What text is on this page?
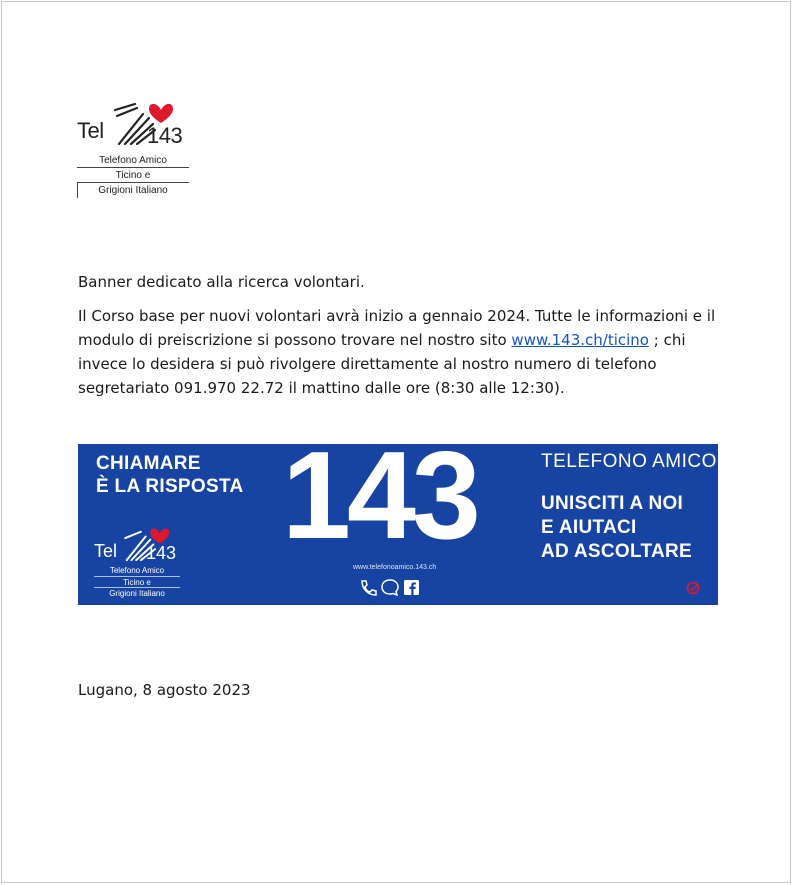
Tel 143
Telefono Amico
Ticino e
Grigioni Italiano
Banner dedicato alla ricerca volontari.
Il Corso base per nuovi volontari avrà inizio a gennaio 2024. Tutte le informazioni e il modulo di preiscrizione si possono trovare nel nostro sito www.143.ch/ticino ; chi invece lo desidera si può rivolgere direttamente al nostro numero di telefono segretariato 091.970 22.72 il mattino dalle ore (8:30 alle 12:30).
CHIAMARE
È LA RISPOSTA
Tel 143
Telefono Amico
Ticino e
Grigioni Italiano
143
www.telefonoamico.143.ch
TELEFONO AMICO
UNISCITI A NOI
E AIUTACI
AD ASCOLTARE
Lugano, 8 agosto 2023
